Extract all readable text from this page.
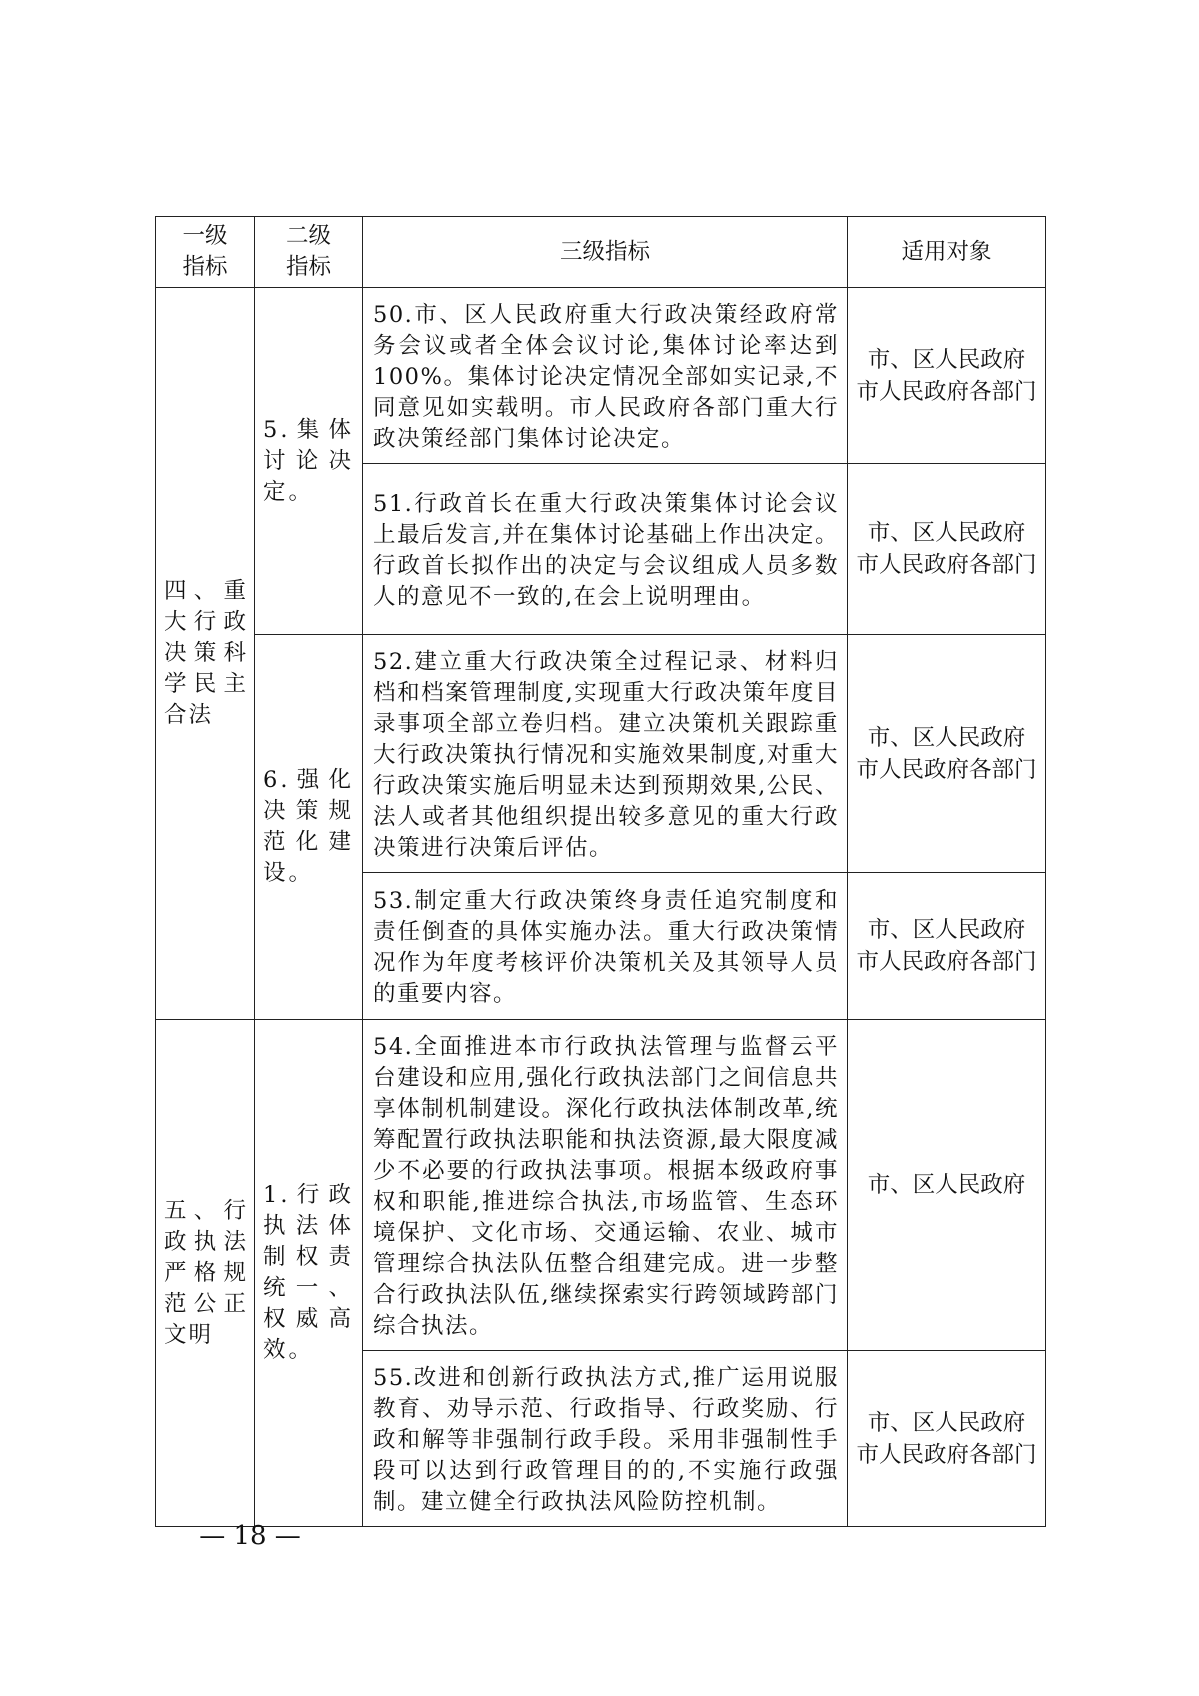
一级指标	二级指标	三级指标	适用对象
四、重大行政决策科学民主合法	5.集体讨论决定。	50.市、区人民政府重大行政决策经政府常务会议或者全体会议讨论,集体讨论率达到100%。集体讨论决定情况全部如实记录,不同意见如实载明。市人民政府各部门重大行政决策经部门集体讨论决定。	市、区人民政府
市人民政府各部门

		51.行政首长在重大行政决策集体讨论会议上最后发言,并在集体讨论基础上作出决定。行政首长拟作出的决定与会议组成人员多数人的意见不一致的,在会上说明理由。	市、区人民政府
市人民政府各部门

	6.强化决策规范化建设。	52.建立重大行政决策全过程记录、材料归档和档案管理制度,实现重大行政决策年度目录事项全部立卷归档。建立决策机关跟踪重大行政决策执行情况和实施效果制度,对重大行政决策实施后明显未达到预期效果,公民、法人或者其他组织提出较多意见的重大行政决策进行决策后评估。	市、区人民政府
市人民政府各部门

		53.制定重大行政决策终身责任追究制度和责任倒查的具体实施办法。重大行政决策情况作为年度考核评价决策机关及其领导人员的重要内容。	市、区人民政府
市人民政府各部门

五、行政执法严格规范公正文明	1.行政执法体制权责统一、权威高效。	54.全面推进本市行政执法管理与监督云平台建设和应用,强化行政执法部门之间信息共享体制机制建设。深化行政执法体制改革,统筹配置行政执法职能和执法资源,最大限度减少不必要的行政执法事项。根据本级政府事权和职能,推进综合执法,市场监管、生态环境保护、文化市场、交通运输、农业、城市管理综合执法队伍整合组建完成。进一步整合行政执法队伍,继续探索实行跨领域跨部门综合执法。	市、区人民政府

		55.改进和创新行政执法方式,推广运用说服教育、劝导示范、行政指导、行政奖励、行政和解等非强制行政手段。采用非强制性手段可以达到行政管理目的的,不实施行政强制。建立健全行政执法风险防控机制。	市、区人民政府
市人民政府各部门
— 18 —
